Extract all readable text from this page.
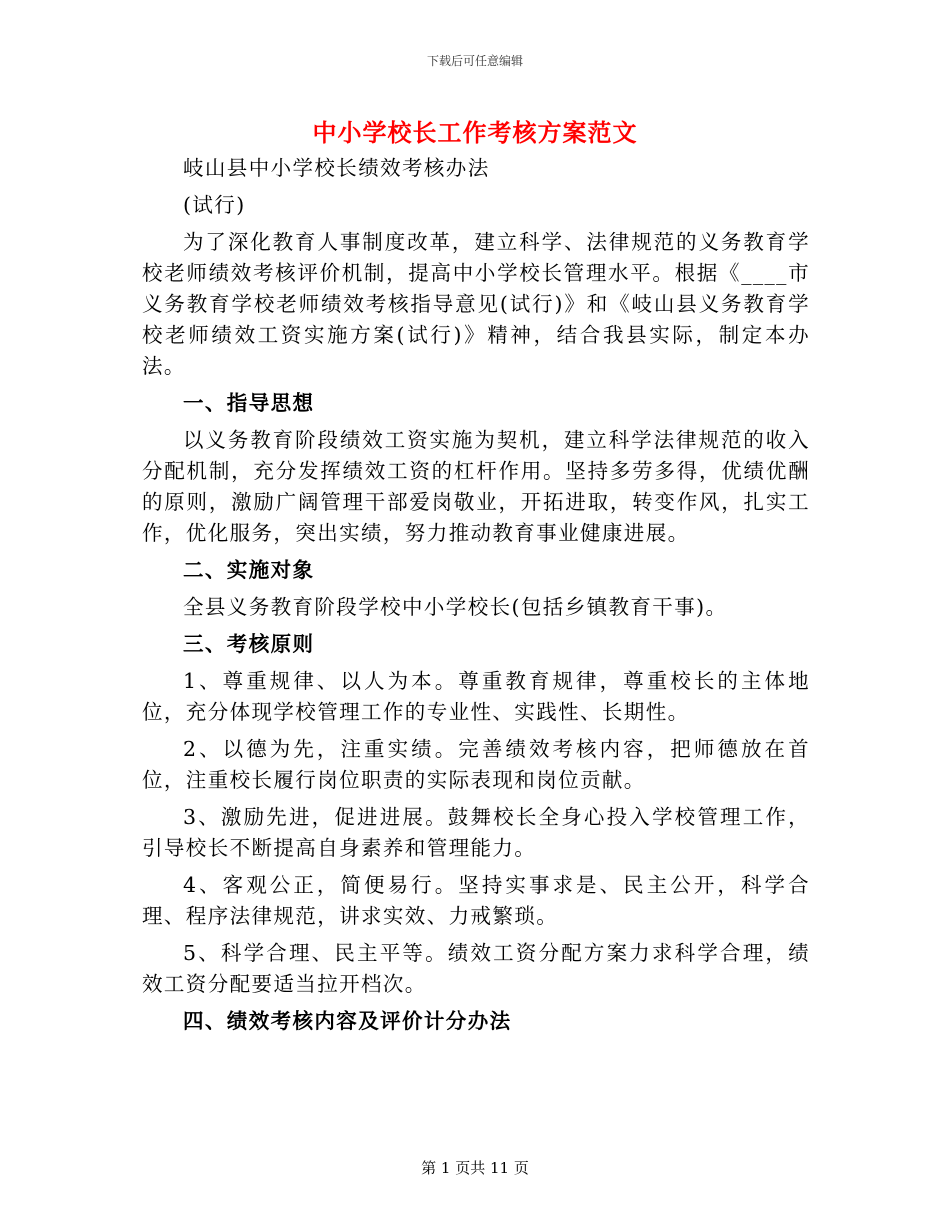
下载后可任意编辑
中小学校长工作考核方案范文

岐山县中小学校长绩效考核办法

(试行)

为了深化教育人事制度改革，建立科学、法律规范的义务教育学校老师绩效考核评价机制，提高中小学校长管理水平。根据《____市义务教育学校老师绩效考核指导意见(试行)》和《岐山县义务教育学校老师绩效工资实施方案(试行)》精神，结合我县实际，制定本办法。

一、指导思想

以义务教育阶段绩效工资实施为契机，建立科学法律规范的收入分配机制，充分发挥绩效工资的杠杆作用。坚持多劳多得，优绩优酬的原则，激励广阔管理干部爱岗敬业，开拓进取，转变作风，扎实工作，优化服务，突出实绩，努力推动教育事业健康进展。

二、实施对象

全县义务教育阶段学校中小学校长(包括乡镇教育干事)。

三、考核原则

1、尊重规律、以人为本。尊重教育规律，尊重校长的主体地位，充分体现学校管理工作的专业性、实践性、长期性。

2、以德为先，注重实绩。完善绩效考核内容，把师德放在首位，注重校长履行岗位职责的实际表现和岗位贡献。

3、激励先进，促进进展。鼓舞校长全身心投入学校管理工作，引导校长不断提高自身素养和管理能力。

4、客观公正，简便易行。坚持实事求是、民主公开，科学合理、程序法律规范，讲求实效、力戒繁琐。

5、科学合理、民主平等。绩效工资分配方案力求科学合理，绩效工资分配要适当拉开档次。

四、绩效考核内容及评价计分办法

第 1 页共 11 页
